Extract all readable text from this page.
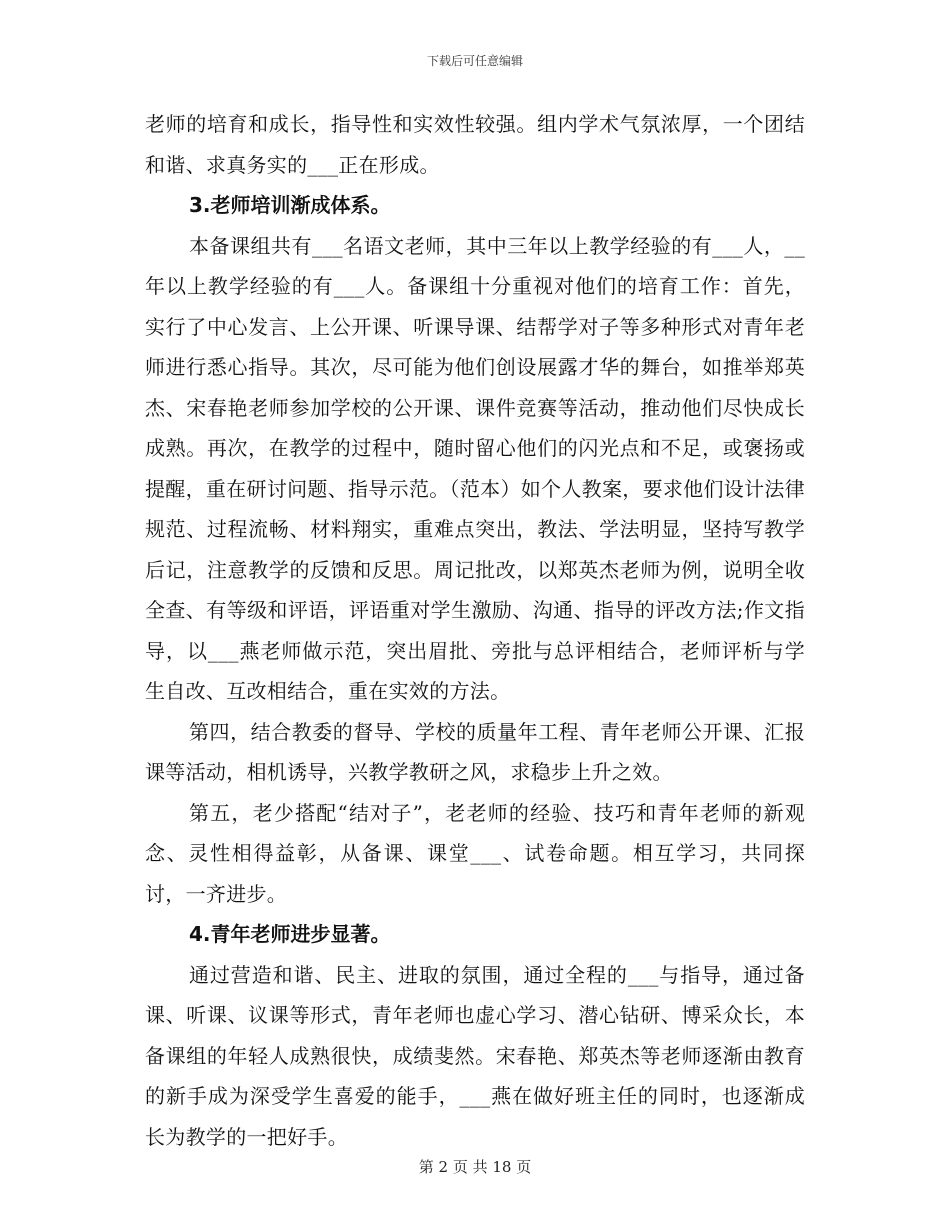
下载后可任意编辑

老师的培育和成长，指导性和实效性较强。组内学术气氛浓厚，一个团结和谐、求真务实的___正在形成。

3.老师培训渐成体系。

本备课组共有___名语文老师，其中三年以上教学经验的有___人，__年以上教学经验的有___人。备课组十分重视对他们的培育工作：首先，实行了中心发言、上公开课、听课导课、结帮学对子等多种形式对青年老师进行悉心指导。其次，尽可能为他们创设展露才华的舞台，如推举郑英杰、宋春艳老师参加学校的公开课、课件竞赛等活动，推动他们尽快成长成熟。再次，在教学的过程中，随时留心他们的闪光点和不足，或褒扬或提醒，重在研讨问题、指导示范。（范本）如个人教案，要求他们设计法律规范、过程流畅、材料翔实，重难点突出，教法、学法明显，坚持写教学后记，注意教学的反馈和反思。周记批改，以郑英杰老师为例，说明全收全查、有等级和评语，评语重对学生激励、沟通、指导的评改方法;作文指导，以___燕老师做示范，突出眉批、旁批与总评相结合，老师评析与学生自改、互改相结合，重在实效的方法。

第四，结合教委的督导、学校的质量年工程、青年老师公开课、汇报课等活动，相机诱导，兴教学教研之风，求稳步上升之效。

第五，老少搭配“结对子”，老老师的经验、技巧和青年老师的新观念、灵性相得益彰，从备课、课堂___、试卷命题。相互学习，共同探讨，一齐进步。

4.青年老师进步显著。

通过营造和谐、民主、进取的氛围，通过全程的___与指导，通过备课、听课、议课等形式，青年老师也虚心学习、潜心钻研、博采众长，本备课组的年轻人成熟很快，成绩斐然。宋春艳、郑英杰等老师逐渐由教育的新手成为深受学生喜爱的能手，___燕在做好班主任的同时，也逐渐成长为教学的一把好手。

第 2 页 共 18 页
